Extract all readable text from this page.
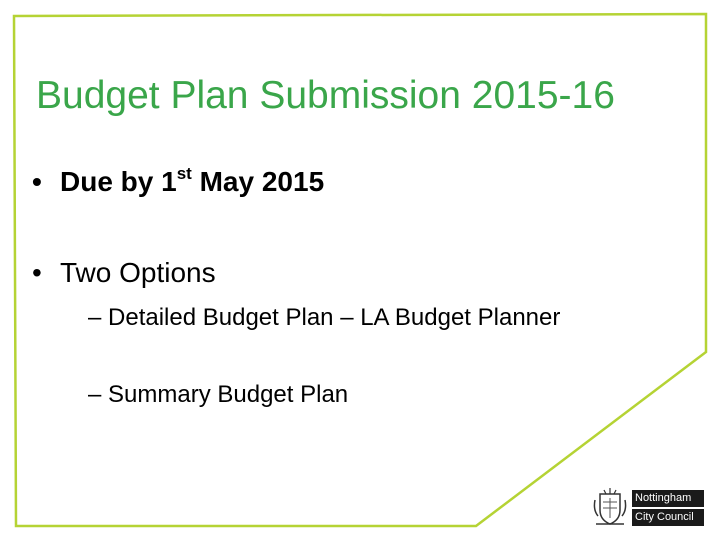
Budget Plan Submission 2015-16
• Due by 1st May 2015
• Two Options
– Detailed Budget Plan – LA Budget Planner
– Summary Budget Plan
Nottingham
City Council
